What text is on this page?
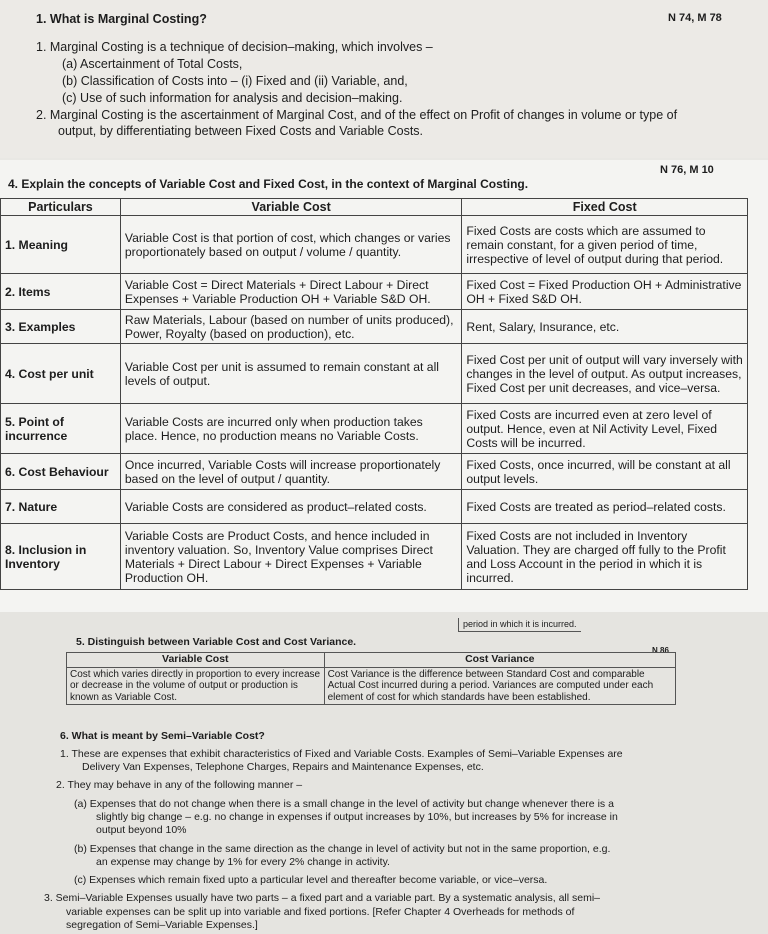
1. What is Marginal Costing?	N 74, M 78
1. Marginal Costing is a technique of decision–making, which involves –
(a) Ascertainment of Total Costs,
(b) Classification of Costs into – (i) Fixed and (ii) Variable, and,
(c) Use of such information for analysis and decision–making.
2. Marginal Costing is the ascertainment of Marginal Cost, and of the effect on Profit of changes in volume or type of
output, by differentiating between Fixed Costs and Variable Costs.
4. Explain the concepts of Variable Cost and Fixed Cost, in the context of Marginal Costing.
N 76, M 10
Particulars	Variable Cost	Fixed Cost
1. Meaning	Variable Cost is that portion of cost, which changes or varies proportionately based on output / volume / quantity.	Fixed Costs are costs which are assumed to remain constant, for a given period of time, irrespective of level of output during that period.
2. Items	Variable Cost = Direct Materials + Direct Labour + Direct Expenses + Variable Production OH + Variable S&D OH.	Fixed Cost = Fixed Production OH + Administrative OH + Fixed S&D OH.
3. Examples	Raw Materials, Labour (based on number of units produced), Power, Royalty (based on production), etc.	Rent, Salary, Insurance, etc.
4. Cost per unit	Variable Cost per unit is assumed to remain constant at all levels of output.	Fixed Cost per unit of output will vary inversely with changes in the level of output. As output increases, Fixed Cost per unit decreases, and vice–versa.
5. Point of incurrence	Variable Costs are incurred only when production takes place. Hence, no production means no Variable Costs.	Fixed Costs are incurred even at zero level of output. Hence, even at Nil Activity Level, Fixed Costs will be incurred.
6. Cost Behaviour	Once incurred, Variable Costs will increase proportionately based on the level of output / quantity.	Fixed Costs, once incurred, will be constant at all output levels.
7. Nature	Variable Costs are considered as product–related costs.	Fixed Costs are treated as period–related costs.
8. Inclusion in Inventory	Variable Costs are Product Costs, and hence included in inventory valuation. So, Inventory Value comprises Direct Materials + Direct Labour + Direct Expenses + Variable Production OH.	Fixed Costs are not included in Inventory Valuation. They are charged off fully to the Profit and Loss Account in the period in which it is incurred.
period in which it is incurred.
5. Distinguish between Variable Cost and Cost Variance.
N 86
Variable Cost	Cost Variance
Cost which varies directly in proportion to every increase or decrease in the volume of output or production is known as Variable Cost.	Cost Variance is the difference between Standard Cost and comparable Actual Cost incurred during a period. Variances are computed under each element of cost for which standards have been established.
6. What is meant by Semi–Variable Cost?
1. These are expenses that exhibit characteristics of Fixed and Variable Costs. Examples of Semi–Variable Expenses are
Delivery Van Expenses, Telephone Charges, Repairs and Maintenance Expenses, etc.
2. They may behave in any of the following manner –
(a) Expenses that do not change when there is a small change in the level of activity but change whenever there is a
slightly big change – e.g. no change in expenses if output increases by 10%, but increases by 5% for increase in
output beyond 10%
(b) Expenses that change in the same direction as the change in level of activity but not in the same proportion, e.g.
an expense may change by 1% for every 2% change in activity.
(c) Expenses which remain fixed upto a particular level and thereafter become variable, or vice–versa.
3. Semi–Variable Expenses usually have two parts – a fixed part and a variable part. By a systematic analysis, all semi–
variable expenses can be split up into variable and fixed portions. [Refer Chapter 4 Overheads for methods of
segregation of Semi–Variable Expenses.]
